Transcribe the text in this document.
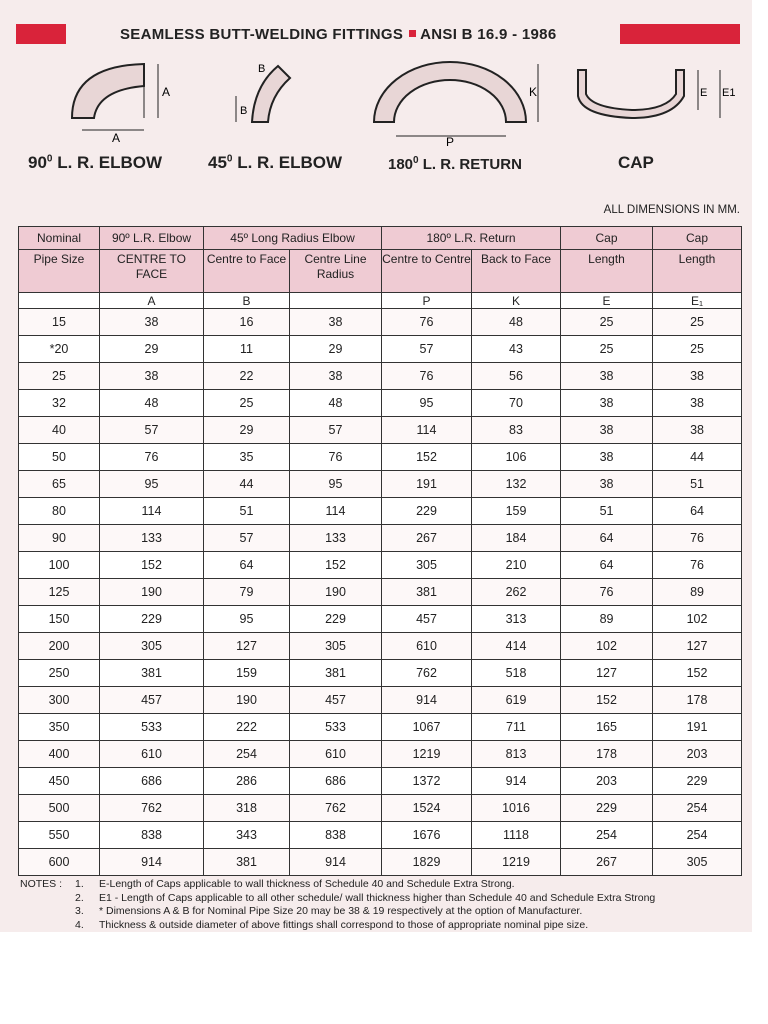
SEAMLESS BUTT-WELDING FITTINGS ANSI B 16.9 - 1986
A
A
B
B
P
K	E E1
$90^0$ L. R. ELBOW	$45^0$ L. R. ELBOW	$180^0$ L. R. RETURN	CAP
ALL DIMENSIONS IN MM.
Nominal	90º L.R. Elbow	45º Long Radius Elbow		180º L.R. Return		Cap	Cap
Pipe Size	CENTRE TO FACE	Centre to Face	Centre Line Radius	Centre to Centre	Back to Face	Length	Length
	A	B		P	K	E	E₁
15	38	16	38	76	48	25	25
*20	29	11	29	57	43	25	25
25	38	22	38	76	56	38	38
32	48	25	48	95	70	38	38
40	57	29	57	114	83	38	38
50	76	35	76	152	106	38	44
65	95	44	95	191	132	38	51
80	114	51	114	229	159	51	64
90	133	57	133	267	184	64	76
100	152	64	152	305	210	64	76
125	190	79	190	381	262	76	89
150	229	95	229	457	313	89	102
200	305	127	305	610	414	102	127
250	381	159	381	762	518	127	152
300	457	190	457	914	619	152	178
350	533	222	533	1067	711	165	191
400	610	254	610	1219	813	178	203
450	686	286	686	1372	914	203	229
500	762	318	762	1524	1016	229	254
550	838	343	838	1676	1118	254	254
600	914	381	914	1829	1219	267	305
NOTES : 1. E-Length of Caps applicable to wall thickness of Schedule 40 and Schedule Extra Strong.
2. E1 - Length of Caps applicable to all other schedule/ wall thickness higher than Schedule 40 and Schedule Extra Strong
3. * Dimensions A & B for Nominal Pipe Size 20 may be 38 & 19 respectively at the option of Manufacturer.
4. Thickness & outside diameter of above fittings shall correspond to those of appropriate nominal pipe size.
